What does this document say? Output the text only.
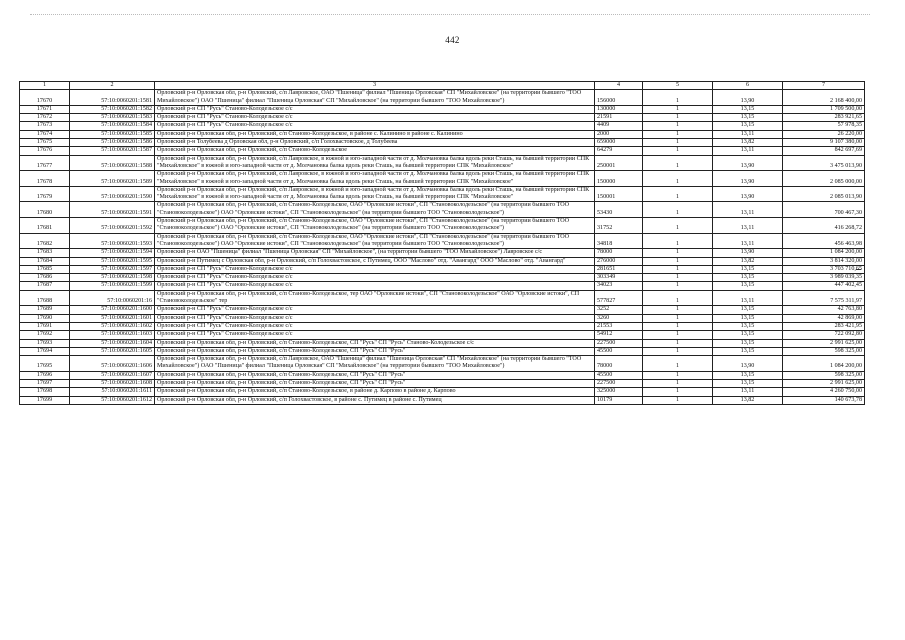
442
1	2	3	4	5	6	7
17670	57:10:0060201:1581	Орловский р-н Орловская обл, р-н Орловский, с/п Лавровское, ОАО "Пшеница" филиал "Пшеница Орловская" СП "Михайловское" (на территории бывшего "ТОО Михайловское") ОАО "Пшеница" филиал "Пшеница Орловская" СП "Михайловское" (на территории бывшего "ТОО Михайловское")	156000	1	13,90	2 168 400,00
17671	57:10:0060201:1582	Орловский р-н СП "Русь" Станово-Колодезьское с/с	130000	1	13,15	1 709 500,00
17672	57:10:0060201:1583	Орловский р-н СП "Русь" Станово-Колодезьское с/с	21591	1	13,15	283 921,65
17673	57:10:0060201:1584	Орловский р-н СП "Русь" Станово-Колодезьское с/с	4409	1	13,15	57 978,35
17674	57:10:0060201:1585	Орловский р-н Орловская обл, р-н Орловский, с/п Станово-Колодезьское, в районе с. Калинино в районе с. Калинино	2000	1	13,11	26 220,00
17675	57:10:0060201:1586	Орловский р-н Толубеева д Орловская обл, р-н Орловский, с/п Голохвастовское, д Толубеева	659000	1	13,82	9 107 380,00
17676	57:10:0060201:1587	Орловский р-н Орловская обл, р-н Орловский, с/п Станово-Колодезьское	64279	1	13,11	842 697,69
17677	57:10:0060201:1588	Орловский р-н Орловская обл, р-н Орловский, с/п Лавровское, в южной и юго-западной части от д. Молчановка балка вдоль реки Сташь, на бывшей территории СПК "Михайловское" в южной и юго-западной части от д. Молчановка балка вдоль реки Сташь, на бывшей территории СПК "Михайловское"	250001	1	13,90	3 475 013,90
17678	57:10:0060201:1589	Орловский р-н Орловская обл, р-н Орловский, с/п Лавровское, в южной и юго-западной части от д. Молчановка балка вдоль реки Сташь, на бывшей территории СПК "Михайловское" в южной и юго-западной части от д. Молчановка балка вдоль реки Сташь, на бывшей территории СПК "Михайловское"	150000	1	13,90	2 085 000,00
17679	57:10:0060201:1590	Орловский р-н Орловская обл, р-н Орловский, с/п Лавровское, в южной и юго-западной части от д. Молчановка балка вдоль реки Сташь, на бывшей территории СПК "Михайловское" в южной и юго-западной части от д. Молчановка балка вдоль реки Сташь, на бывшей территории СПК "Михайловское"	150001	1	13,90	2 085 013,90
17680	57:10:0060201:1591	Орловский р-н Орловская обл, р-н Орловский, с/п Станово-Колодезьское, ОАО "Орловские истоки", СП "Становоколодезьское" (на территории бывшего ТОО "Становоколодезьское") ОАО "Орловские истоки", СП "Становоколодезьское" (на территории бывшего ТОО "Становоколодезьское")	53430	1	13,11	700 467,30
17681	57:10:0060201:1592	Орловский р-н Орловская обл, р-н Орловский, с/п Станово-Колодезьское, ОАО "Орловские истоки", СП "Становоколодезьское" (на территории бывшего ТОО "Становоколодезьское") ОАО "Орловские истоки", СП "Становоколодезьское" (на территории бывшего ТОО "Становоколодезьское")	31752	1	13,11	416 268,72
17682	57:10:0060201:1593	Орловский р-н Орловская обл, р-н Орловский, с/п Станово-Колодезьское, ОАО "Орловские истоки", СП "Становоколодезьское" (на территории бывшего ТОО "Становоколодезьское") ОАО "Орловские истоки", СП "Становоколодезьское" (на территории бывшего ТОО "Становоколодезьское")	34818	1	13,11	456 463,98
17683	57:10:0060201:1594	Орловский р-н ОАО "Пшеница" филиал "Пшеница Орловская" СП "Михайловское", (на территории бывшего "ТОО Михайловское") Лавровское с/с	78000	1	13,90	1 084 200,00
17684	57:10:0060201:1595	Орловский р-н Путимец с Орловская обл, р-н Орловский, с/п Голохвастовское, с Путимец, ООО "Маслово" отд. "Авангард" ООО "Маслово" отд. "Авангард"	276000	1	13,82	3 814 320,00
17685	57:10:0060201:1597	Орловский р-н СП "Русь" Станово-Колодезьское с/с	281651	1	13,15	3 703 710,65
17686	57:10:0060201:1598	Орловский р-н СП "Русь" Станово-Колодезьское с/с	303349	1	13,15	3 989 039,35
17687	57:10:0060201:1599	Орловский р-н СП "Русь" Станово-Колодезьское с/с	34023	1	13,15	447 402,45
17688	57:10:0060201:16	Орловский р-н Орловская обл, р-н Орловский, с/п Станово-Колодезьское, тер ОАО "Орловские истоки", СП "Становоколодезьское" ОАО "Орловские истоки", СП "Становоколодезьское" тер	577827	1	13,11	7 575 311,97
17689	57:10:0060201:1600	Орловский р-н СП "Русь" Станово-Колодезьское с/с	3252	1	13,15	42 763,80
17690	57:10:0060201:1601	Орловский р-н СП "Русь" Станово-Колодезьское с/с	3260	1	13,15	42 869,00
17691	57:10:0060201:1602	Орловский р-н СП "Русь" Станово-Колодезьское с/с	21553	1	13,15	283 421,95
17692	57:10:0060201:1603	Орловский р-н СП "Русь" Станово-Колодезьское с/с	54912	1	13,15	722 092,80
17693	57:10:0060201:1604	Орловский р-н Орловская обл, р-н Орловский, с/п Станово-Колодезьское, СП "Русь" СП "Русь" Станово-Колодезьское с/с	227500	1	13,15	2 991 625,00
17694	57:10:0060201:1605	Орловский р-н Орловская обл, р-н Орловский, с/п Станово-Колодезьское, СП "Русь" СП "Русь"	45500	1	13,15	598 325,00
17695	57:10:0060201:1606	Орловский р-н Орловская обл, р-н Орловский, с/п Лавровское, ОАО "Пшеница" филиал "Пшеница Орловская" СП "Михайловское" (на территории бывшего "ТОО Михайловское") ОАО "Пшеница" филиал "Пшеница Орловская" СП "Михайловское" (на территории бывшего "ТОО Михайловское")	78000	1	13,90	1 084 200,00
17696	57:10:0060201:1607	Орловский р-н Орловская обл, р-н Орловский, с/п Станово-Колодезьское, СП "Русь" СП "Русь"	45500	1	13,15	598 325,00
17697	57:10:0060201:1608	Орловский р-н Орловская обл, р-н Орловский, с/п Станово-Колодезьское, СП "Русь" СП "Русь"	227500	1	13,15	2 991 625,00
17698	57:10:0060201:1611	Орловский р-н Орловская обл, р-н Орловский, с/п Станово-Колодезьское, в районе д. Карпово в районе д. Карпово	325000	1	13,11	4 260 750,00
17699	57:10:0060201:1612	Орловский р-н Орловская обл, р-н Орловский, с/п Голохвастовское, в районе с. Путимец в районе с. Путимец	10179	1	13,82	140 673,78
